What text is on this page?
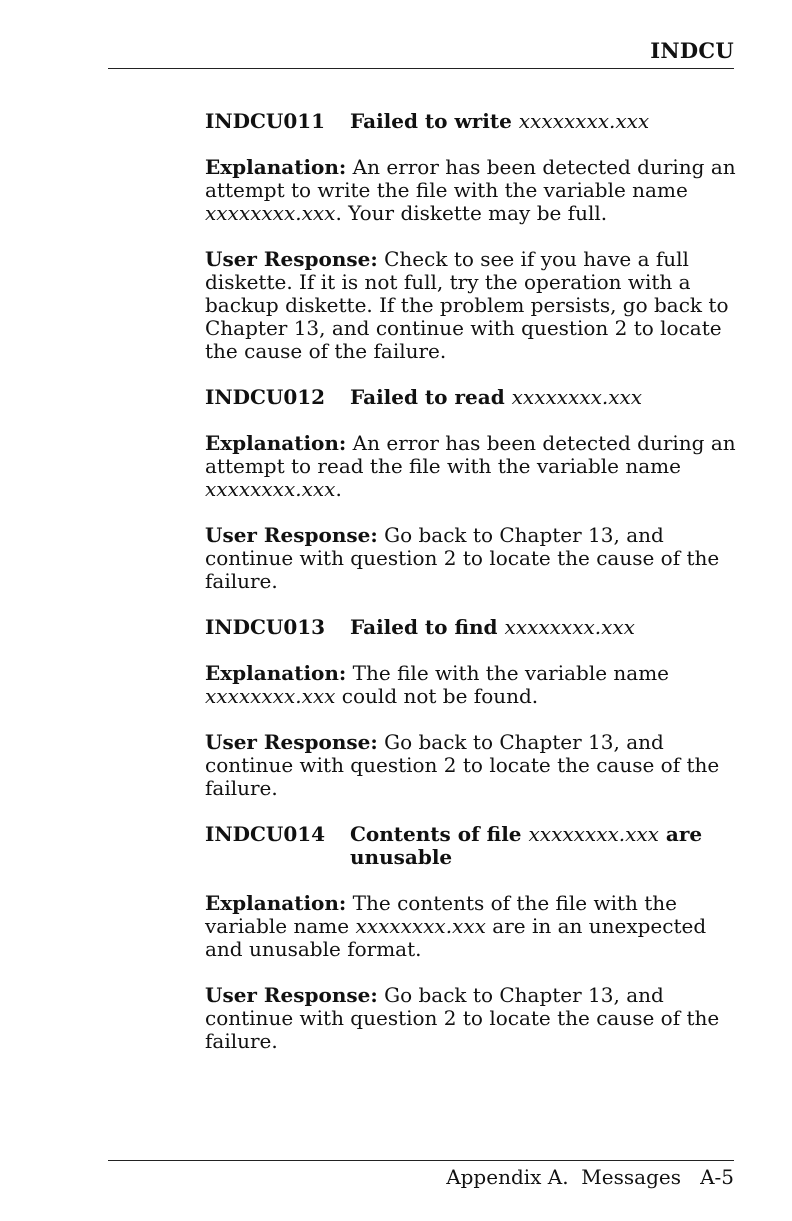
INDCU
INDCU011	Failed to write xxxxxxxx.xxx

Explanation: An error has been detected during an attempt to write the file with the variable name xxxxxxxx.xxx. Your diskette may be full.

User Response: Check to see if you have a full diskette. If it is not full, try the operation with a backup diskette. If the problem persists, go back to Chapter 13, and continue with question 2 to locate the cause of the failure.

INDCU012	Failed to read xxxxxxxx.xxx

Explanation: An error has been detected during an attempt to read the file with the variable name xxxxxxxx.xxx.

User Response: Go back to Chapter 13, and continue with question 2 to locate the cause of the failure.

INDCU013	Failed to find xxxxxxxx.xxx

Explanation: The file with the variable name xxxxxxxx.xxx could not be found.

User Response: Go back to Chapter 13, and continue with question 2 to locate the cause of the failure.

INDCU014	Contents of file xxxxxxxx.xxx are unusable

Explanation: The contents of the file with the variable name xxxxxxxx.xxx are in an unexpected and unusable format.

User Response: Go back to Chapter 13, and continue with question 2 to locate the cause of the failure.

Appendix A.  Messages A-5
